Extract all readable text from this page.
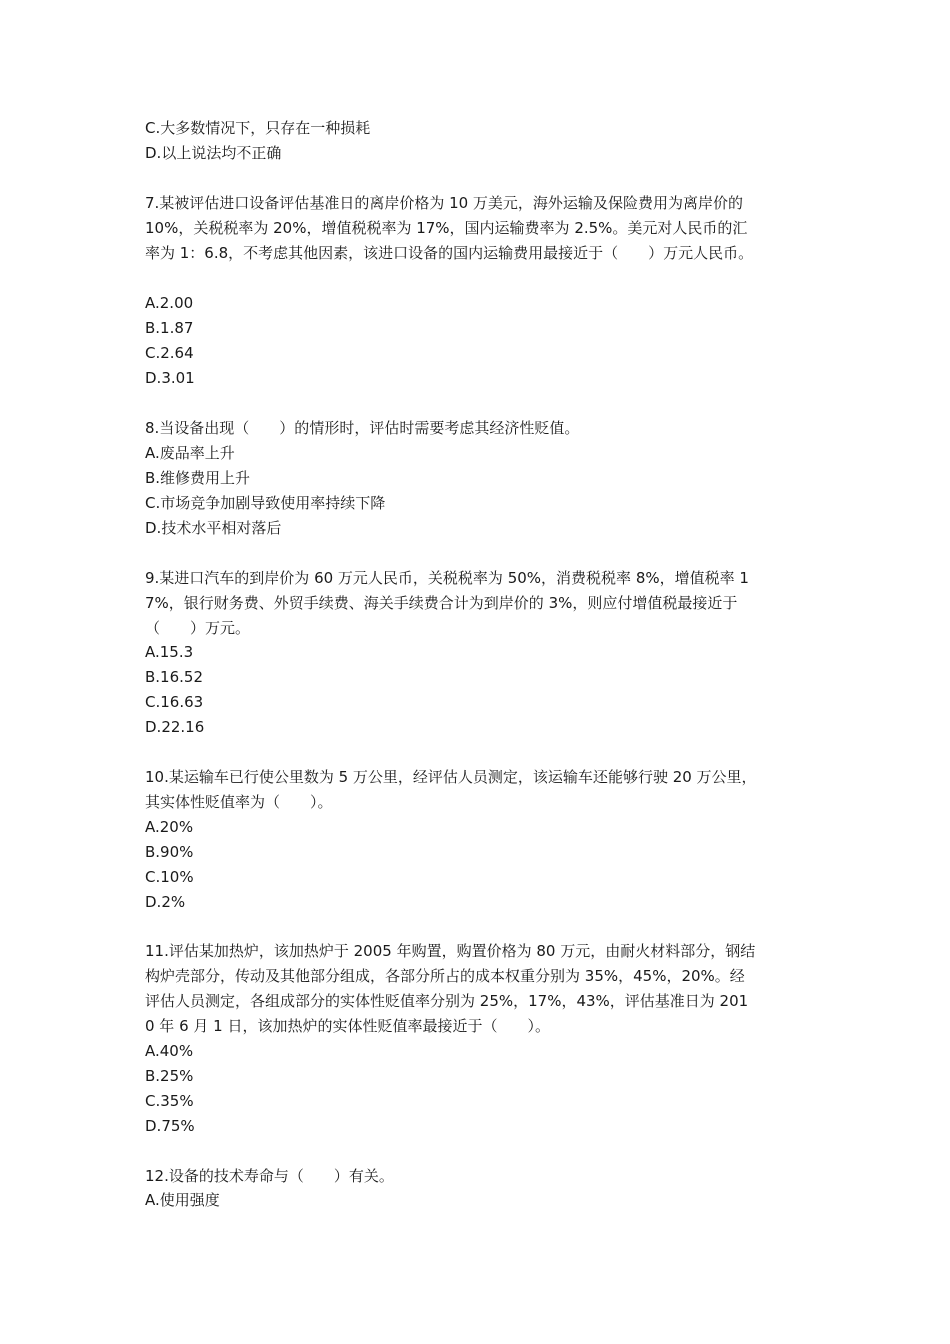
C.大多数情况下，只存在一种损耗
D.以上说法均不正确
7.某被评估进口设备评估基准日的离岸价格为 10 万美元，海外运输及保险费用为离岸价的
10%，关税税率为 20%，增值税税率为 17%，国内运输费率为 2.5%。美元对人民币的汇
率为 1：6.8，不考虑其他因素，该进口设备的国内运输费用最接近于（　　）万元人民币。
A.2.00
B.1.87
C.2.64
D.3.01
8.当设备出现（　　）的情形时，评估时需要考虑其经济性贬值。
A.废品率上升
B.维修费用上升
C.市场竞争加剧导致使用率持续下降
D.技术水平相对落后
9.某进口汽车的到岸价为 60 万元人民币，关税税率为 50%，消费税税率 8%，增值税率 1
7%，银行财务费、外贸手续费、海关手续费合计为到岸价的 3%，则应付增值税最接近于
（　　）万元。
A.15.3
B.16.52
C.16.63
D.22.16
10.某运输车已行使公里数为 5 万公里，经评估人员测定，该运输车还能够行驶 20 万公里，
其实体性贬值率为（　　）。
A.20%
B.90%
C.10%
D.2%
11.评估某加热炉，该加热炉于 2005 年购置，购置价格为 80 万元，由耐火材料部分，钢结
构炉壳部分，传动及其他部分组成，各部分所占的成本权重分别为 35%，45%，20%。经
评估人员测定，各组成部分的实体性贬值率分别为 25%，17%，43%，评估基准日为 201
0 年 6 月 1 日，该加热炉的实体性贬值率最接近于（　　）。
A.40%
B.25%
C.35%
D.75%
12.设备的技术寿命与（　　）有关。
A.使用强度
